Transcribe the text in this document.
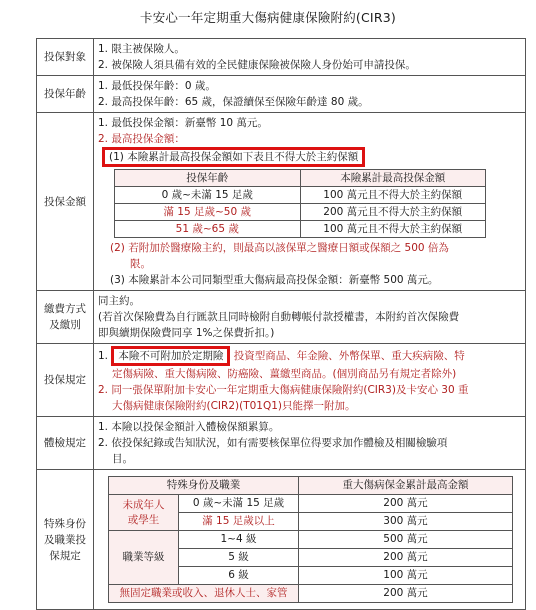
卡安心一年定期重大傷病健康保險附約(CIR3)
投保對象	
1. 限主被保險人。
2. 被保險人須具備有效的全民健康保險被保險人身份始可申請投保。

投保年齡	
1. 最低投保年齡：0 歲。
2. 最高投保年齡：65 歲，保證續保至保險年齡達 80 歲。

投保金額	
1. 最低投保金額：新臺幣 10 萬元。
2. 最高投保金額：
(1) 本險累計最高投保金額如下表且不得大於主約保額
投保年齡	本險累計最高投保金額
0 歲~未滿 15 足歲	100 萬元且不得大於主約保額
滿 15 足歲~50 歲	200 萬元且不得大於主約保額
51 歲~65 歲	100 萬元且不得大於主約保額
(2) 若附加於醫療險主約，則最高以該保單之醫療日額或保額之 500 倍為
限。
(3) 本險累計本公司同類型重大傷病最高投保金額：新臺幣 500 萬元。

繳費方式
及繳別

同主約。
(若首次保險費為自行匯款且同時檢附自動轉帳付款授權書，本附約首次保險費
即與續期保險費同享 1%之保費折扣。)

投保規定	
1. 本險不可附加於定期險 投資型商品、年金險、外幣保單、重大疾病險、特
定傷病險、重大傷病險、防癌險、薑繳型商品。(個別商品另有規定者除外)
2. 同一張保單附加卡安心一年定期重大傷病健康保險附約(CIR3)及卡安心 30 重
大傷病健康保險附約(CIR2)(T01Q1)只能擇一附加。

體檢規定	
1. 本險以投保金額計入體檢保額累算。
2. 依投保紀錄或告知狀況，如有需要核保單位得要求加作體檢及相關檢驗項
目。

特殊身份
及職業投
保規定

特殊身份及職業	重大傷病保金累計最高金額

未成年人
或學生
	0 歲~未滿 15 足歲	200 萬元
滿 15 足歲以上	300 萬元
職業等級	1~4 級	500 萬元
5 級	200 萬元
6 級	100 萬元
無固定職業或收入、退休人士、家管	200 萬元
